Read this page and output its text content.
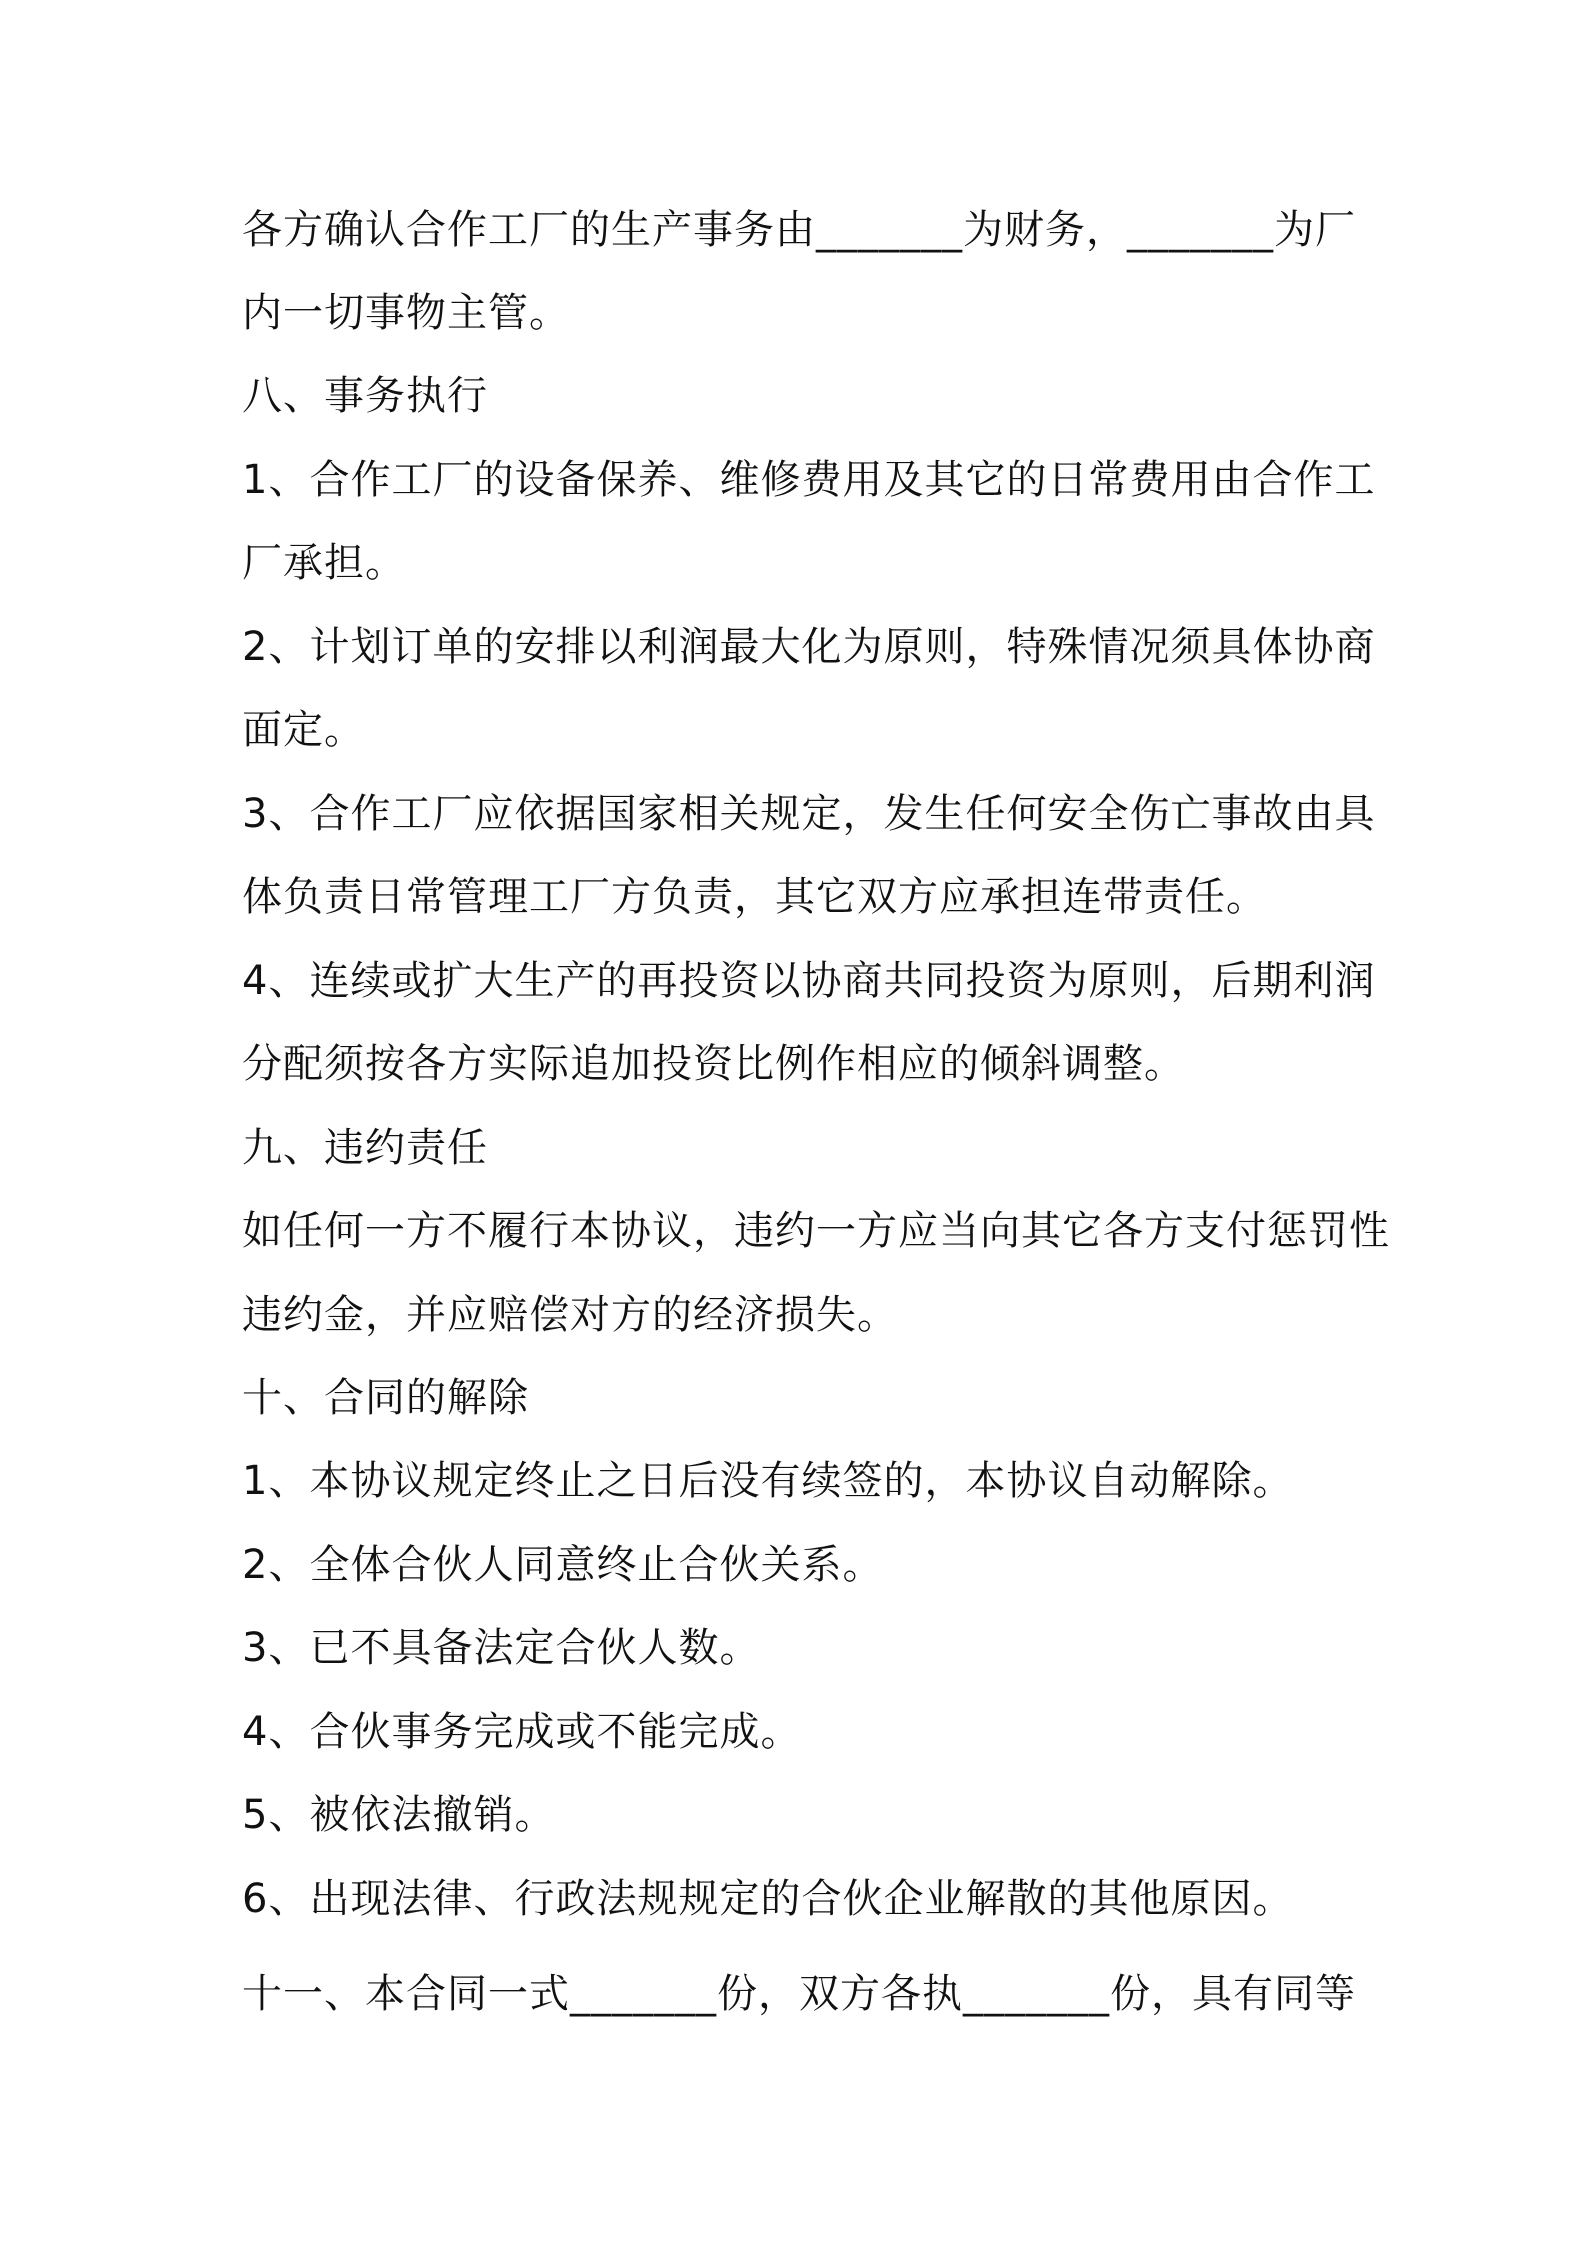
各方确认合作工厂的生产事务由_______为财务，_______为厂
内一切事物主管。
八、事务执行
1、合作工厂的设备保养、维修费用及其它的日常费用由合作工
厂承担。
2、计划订单的安排以利润最大化为原则，特殊情况须具体协商
面定。
3、合作工厂应依据国家相关规定，发生任何安全伤亡事故由具
体负责日常管理工厂方负责，其它双方应承担连带责任。
4、连续或扩大生产的再投资以协商共同投资为原则，后期利润
分配须按各方实际追加投资比例作相应的倾斜调整。
九、违约责任
如任何一方不履行本协议，违约一方应当向其它各方支付惩罚性
违约金，并应赔偿对方的经济损失。
十、合同的解除
1、本协议规定终止之日后没有续签的，本协议自动解除。
2、全体合伙人同意终止合伙关系。
3、已不具备法定合伙人数。
4、合伙事务完成或不能完成。
5、被依法撤销。
6、出现法律、行政法规规定的合伙企业解散的其他原因。
十一、本合同一式_______份，双方各执_______份，具有同等
